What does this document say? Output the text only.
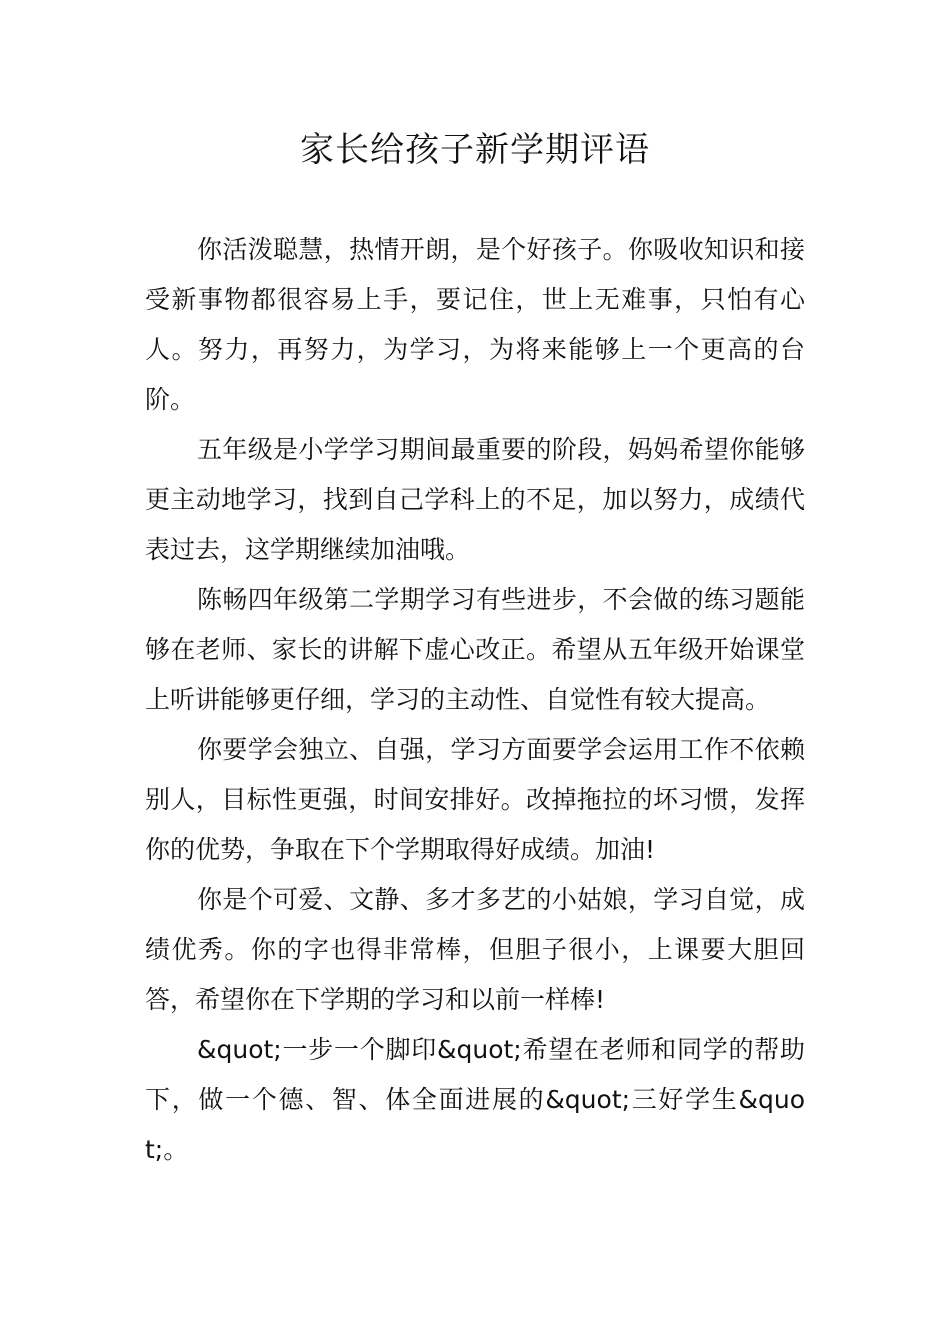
家长给孩子新学期评语

你活泼聪慧，热情开朗，是个好孩子。你吸收知识和接受新事物都很容易上手，要记住，世上无难事，只怕有心人。努力，再努力，为学习，为将来能够上一个更高的台阶。

五年级是小学学习期间最重要的阶段，妈妈希望你能够更主动地学习，找到自己学科上的不足，加以努力，成绩代表过去，这学期继续加油哦。

陈畅四年级第二学期学习有些进步，不会做的练习题能够在老师、家长的讲解下虚心改正。希望从五年级开始课堂上听讲能够更仔细，学习的主动性、自觉性有较大提高。

你要学会独立、自强，学习方面要学会运用工作不依赖别人，目标性更强，时间安排好。改掉拖拉的坏习惯，发挥你的优势，争取在下个学期取得好成绩。加油!

你是个可爱、文静、多才多艺的小姑娘，学习自觉，成绩优秀。你的字也得非常棒，但胆子很小，上课要大胆回答，希望你在下学期的学习和以前一样棒!

&quot;一步一个脚印&quot;希望在老师和同学的帮助下，做一个德、智、体全面进展的&quot;三好学生&quot;。
